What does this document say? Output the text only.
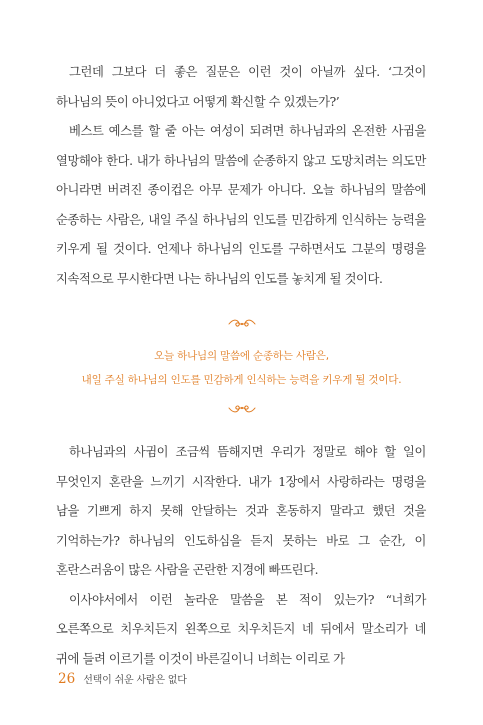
그런데 그보다 더 좋은 질문은 이런 것이 아닐까 싶다. ‘그것이 하나님의 뜻이 아니었다고 어떻게 확신할 수 있겠는가?’

베스트 예스를 할 줄 아는 여성이 되려면 하나님과의 온전한 사귐을 열망해야 한다. 내가 하나님의 말씀에 순종하지 않고 도망치려는 의도만 아니라면 버려진 종이컵은 아무 문제가 아니다. 오늘 하나님의 말씀에 순종하는 사람은, 내일 주실 하나님의 인도를 민감하게 인식하는 능력을 키우게 될 것이다. 언제나 하나님의 인도를 구하면서도 그분의 명령을 지속적으로 무시한다면 나는 하나님의 인도를 놓치게 될 것이다.

오늘 하나님의 말씀에 순종하는 사람은,

내일 주실 하나님의 인도를 민감하게 인식하는 능력을 키우게 될 것이다.

하나님과의 사귐이 조금씩 뜸해지면 우리가 정말로 해야 할 일이 무엇인지 혼란을 느끼기 시작한다. 내가 1장에서 사랑하라는 명령을 남을 기쁘게 하지 못해 안달하는 것과 혼동하지 말라고 했던 것을 기억하는가? 하나님의 인도하심을 듣지 못하는 바로 그 순간, 이 혼란스러움이 많은 사람을 곤란한 지경에 빠뜨린다.

이사야서에서 이런 놀라운 말씀을 본 적이 있는가? “너희가 오른쪽으로 치우치든지 왼쪽으로 치우치든지 네 뒤에서 말소리가 네 귀에 들려 이르기를 이것이 바른길이니 너희는 이리로 가

26 선택이 쉬운 사람은 없다
